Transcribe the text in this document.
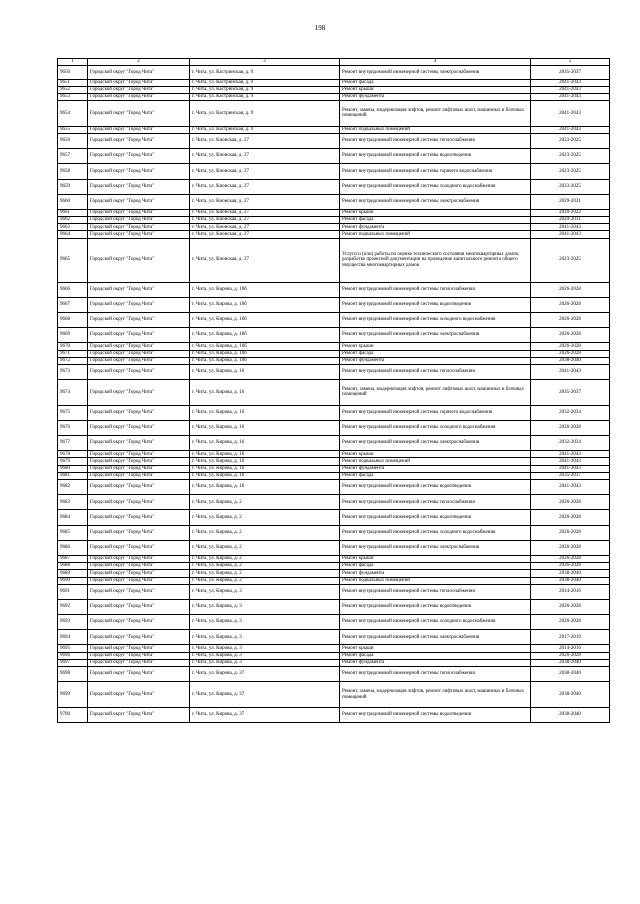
198
1	2	3	4	5
9650	Городской округ "Город Чита"	г. Чита, ул. Кастринская, д. 9	Ремонт внутридомовой инженерной системы электроснабжения	2035-2037
9651	Городской округ "Город Чита"	г. Чита, ул. Кастринская, д. 9	Ремонт фасада	2041-2043
9652	Городской округ "Город Чита"	г. Чита, ул. Кастринская, д. 9	Ремонт крыши	2041-2043
9653	Городской округ "Город Чита"	г. Чита, ул. Кастринская, д. 9	Ремонт фундамента	2041-2043
9654	Городской округ "Город Чита"	г. Чита, ул. Кастринская, д. 9	Ремонт, замена, модернизация лифтов, ремонт лифтовых шахт, машинных и блочных помещений	2041-2043
9655	Городской округ "Город Чита"	г. Чита, ул. Кастринская, д. 9	Ремонт подвальных помещений	2041-2043
9656	Городской округ "Город Чита"	г. Чита, ул. Кионская, д. 27	Ремонт внутридомовой инженерной системы теплоснабжения	2023-2025
9657	Городской округ "Город Чита"	г. Чита, ул. Кионская, д. 27	Ремонт внутридомовой инженерной системы водоотведения	2023-2025
9658	Городской округ "Город Чита"	г. Чита, ул. Кионская, д. 27	Ремонт внутридомовой инженерной системы горячего водоснабжения	2023-2025
9659	Городской округ "Город Чита"	г. Чита, ул. Кионская, д. 27	Ремонт внутридомовой инженерной системы холодного водоснабжения	2023-2025
9660	Городской округ "Город Чита"	г. Чита, ул. Кионская, д. 27	Ремонт внутридомовой инженерной системы электроснабжения	2029-2031
9661	Городской округ "Город Чита"	г. Чита, ул. Кионская, д. 27	Ремонт крыши	2020-2022
9662	Городской округ "Город Чита"	г. Чита, ул. Кионская, д. 27	Ремонт фасада	2029-2031
9663	Городской округ "Город Чита"	г. Чита, ул. Кионская, д. 27	Ремонт фундамента	2041-2043
9664	Городской округ "Город Чита"	г. Чита, ул. Кионская, д. 27	Ремонт подвальных помещений	2041-2043
9665	Городской округ "Город Чита"	г. Чита, ул. Кионская, д. 27	Услуги и (или) работы по оценке технического состояния многоквартирных домов, разработке проектной документации на проведение капитального ремонта общего имущества многоквартирных домов	2023-2025
9666	Городской округ "Город Чита"	г. Чита, ул. Кирова, д. 10б	Ремонт внутридомовой инженерной системы теплоснабжения	2026-2028
9667	Городской округ "Город Чита"	г. Чита, ул. Кирова, д. 10б	Ремонт внутридомовой инженерной системы водоотведения	2026-2028
9668	Городской округ "Город Чита"	г. Чита, ул. Кирова, д. 10б	Ремонт внутридомовой инженерной системы холодного водоснабжения	2026-2028
9669	Городской округ "Город Чита"	г. Чита, ул. Кирова, д. 10б	Ремонт внутридомовой инженерной системы электроснабжения	2026-2028
9670	Городской округ "Город Чита"	г. Чита, ул. Кирова, д. 10б	Ремонт крыши	2026-2028
9671	Городской округ "Город Чита"	г. Чита, ул. Кирова, д. 10б	Ремонт фасада	2026-2028
9672	Городской округ "Город Чита"	г. Чита, ул. Кирова, д. 10б	Ремонт фундамента	2038-2040
9673	Городской округ "Город Чита"	г. Чита, ул. Кирова, д. 16	Ремонт внутридомовой инженерной системы теплоснабжения	2041-2043
9674	Городской округ "Город Чита"	г. Чита, ул. Кирова, д. 16	Ремонт, замена, модернизация лифтов, ремонт лифтовых шахт, машинных и блочных помещений	2035-2037
9675	Городской округ "Город Чита"	г. Чита, ул. Кирова, д. 16	Ремонт внутридомовой инженерной системы горячего водоснабжения	2032-2034
9676	Городской округ "Город Чита"	г. Чита, ул. Кирова, д. 16	Ремонт внутридомовой инженерной системы холодного водоснабжения	2026-2028
9677	Городской округ "Город Чита"	г. Чита, ул. Кирова, д. 16	Ремонт внутридомовой инженерной системы электроснабжения	2032-2034
9678	Городской округ "Город Чита"	г. Чита, ул. Кирова, д. 16	Ремонт крыши	2041-2043
9679	Городской округ "Город Чита"	г. Чита, ул. Кирова, д. 16	Ремонт подвальных помещений	2041-2043
9680	Городской округ "Город Чита"	г. Чита, ул. Кирова, д. 16	Ремонт фундамента	2041-2043
9681	Городской округ "Город Чита"	г. Чита, ул. Кирова, д. 16	Ремонт фасада	2035-2037
9682	Городской округ "Город Чита"	г. Чита, ул. Кирова, д. 16	Ремонт внутридомовой инженерной системы водоотведения	2041-2043
9683	Городской округ "Город Чита"	г. Чита, ул. Кирова, д. 2	Ремонт внутридомовой инженерной системы теплоснабжения	2026-2028
9684	Городской округ "Город Чита"	г. Чита, ул. Кирова, д. 2	Ремонт внутридомовой инженерной системы водоотведения	2026-2028
9685	Городской округ "Город Чита"	г. Чита, ул. Кирова, д. 2	Ремонт внутридомовой инженерной системы холодного водоснабжения	2026-2028
9686	Городской округ "Город Чита"	г. Чита, ул. Кирова, д. 2	Ремонт внутридомовой инженерной системы электроснабжения	2026-2028
9687	Городской округ "Город Чита"	г. Чита, ул. Кирова, д. 2	Ремонт крыши	2026-2028
9688	Городской округ "Город Чита"	г. Чита, ул. Кирова, д. 2	Ремонт фасада	2026-2028
9689	Городской округ "Город Чита"	г. Чита, ул. Кирова, д. 2	Ремонт фундамента	2038-2040
9690	Городской округ "Город Чита"	г. Чита, ул. Кирова, д. 2	Ремонт подвальных помещений	2038-2040
9691	Городской округ "Город Чита"	г. Чита, ул. Кирова, д. 3	Ремонт внутридомовой инженерной системы теплоснабжения	2014-2016
9692	Городской округ "Город Чита"	г. Чита, ул. Кирова, д. 3	Ремонт внутридомовой инженерной системы водоотведения	2026-2028
9693	Городской округ "Город Чита"	г. Чита, ул. Кирова, д. 3	Ремонт внутридомовой инженерной системы холодного водоснабжения	2026-2028
9694	Городской округ "Город Чита"	г. Чита, ул. Кирова, д. 3	Ремонт внутридомовой инженерной системы электроснабжения	2017-2019
9695	Городской округ "Город Чита"	г. Чита, ул. Кирова, д. 3	Ремонт крыши	2014-2016
9696	Городской округ "Город Чита"	г. Чита, ул. Кирова, д. 3	Ремонт фасада	2026-2028
9697	Городской округ "Город Чита"	г. Чита, ул. Кирова, д. 3	Ремонт фундамента	2038-2040
9698	Городской округ "Город Чита"	г. Чита, ул. Кирова, д. 37	Ремонт внутридомовой инженерной системы теплоснабжения	2038-2040
9699	Городской округ "Город Чита"	г. Чита, ул. Кирова, д. 37	Ремонт, замена, модернизация лифтов, ремонт лифтовых шахт, машинных и блочных помещений	2038-2040
9700	Городской округ "Город Чита"	г. Чита, ул. Кирова, д. 37	Ремонт внутридомовой инженерной системы водоотведения	2038-2040
